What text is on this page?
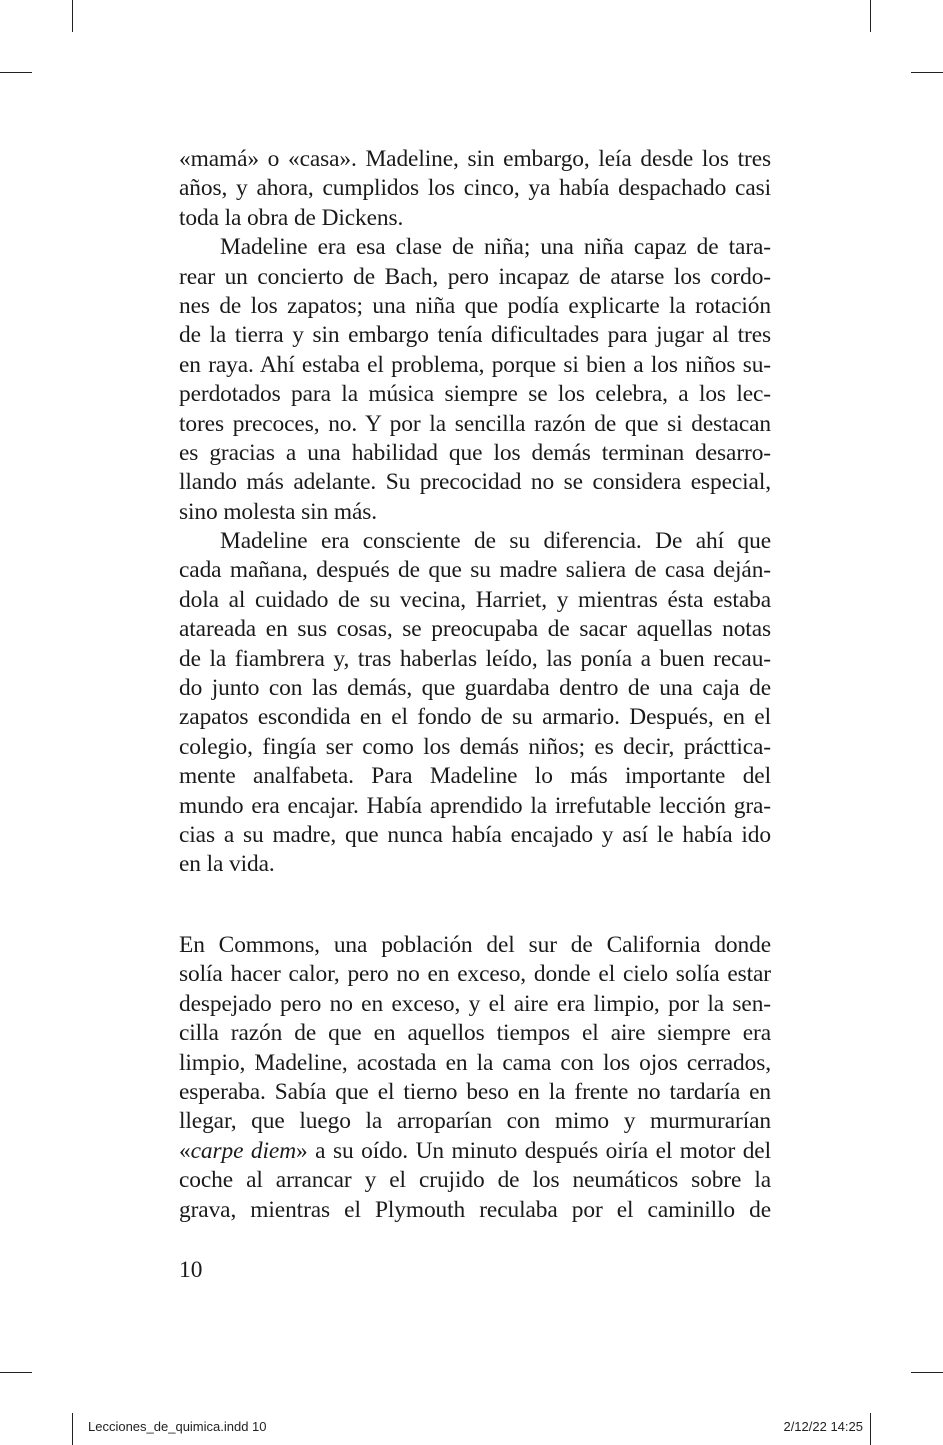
«mamá» o «casa». Madeline, sin embargo, leía desde los tres
años, y ahora, cumplidos los cinco, ya había despachado casi
toda la obra de Dickens.
Madeline era esa clase de niña; una niña capaz de tara-
rear un concierto de Bach, pero incapaz de atarse los cordo-
nes de los zapatos; una niña que podía explicarte la rotación
de la tierra y sin embargo tenía dificultades para jugar al tres
en raya. Ahí estaba el problema, porque si bien a los niños su-
perdotados para la música siempre se los celebra, a los lec-
tores precoces, no. Y por la sencilla razón de que si destacan
es gracias a una habilidad que los demás terminan desarro-
llando más adelante. Su precocidad no se considera especial,
sino molesta sin más.
Madeline era consciente de su diferencia. De ahí que
cada mañana, después de que su madre saliera de casa deján-
dola al cuidado de su vecina, Harriet, y mientras ésta estaba
atareada en sus cosas, se preocupaba de sacar aquellas notas
de la fiambrera y, tras haberlas leído, las ponía a buen recau-
do junto con las demás, que guardaba dentro de una caja de
zapatos escondida en el fondo de su armario. Después, en el
colegio, fingía ser como los demás niños; es decir, prácttica-
mente analfabeta. Para Madeline lo más importante del
mundo era encajar. Había aprendido la irrefutable lección gra-
cias a su madre, que nunca había encajado y así le había ido
en la vida.
En Commons, una población del sur de California donde
solía hacer calor, pero no en exceso, donde el cielo solía estar
despejado pero no en exceso, y el aire era limpio, por la sen-
cilla razón de que en aquellos tiempos el aire siempre era
limpio, Madeline, acostada en la cama con los ojos cerrados,
esperaba. Sabía que el tierno beso en la frente no tardaría en
llegar, que luego la arroparían con mimo y murmurarían
«carpe diem» a su oído. Un minuto después oiría el motor del
coche al arrancar y el crujido de los neumáticos sobre la
grava, mientras el Plymouth reculaba por el caminillo de
10
Lecciones_de_quimica.indd 10	2/12/22 14:25
